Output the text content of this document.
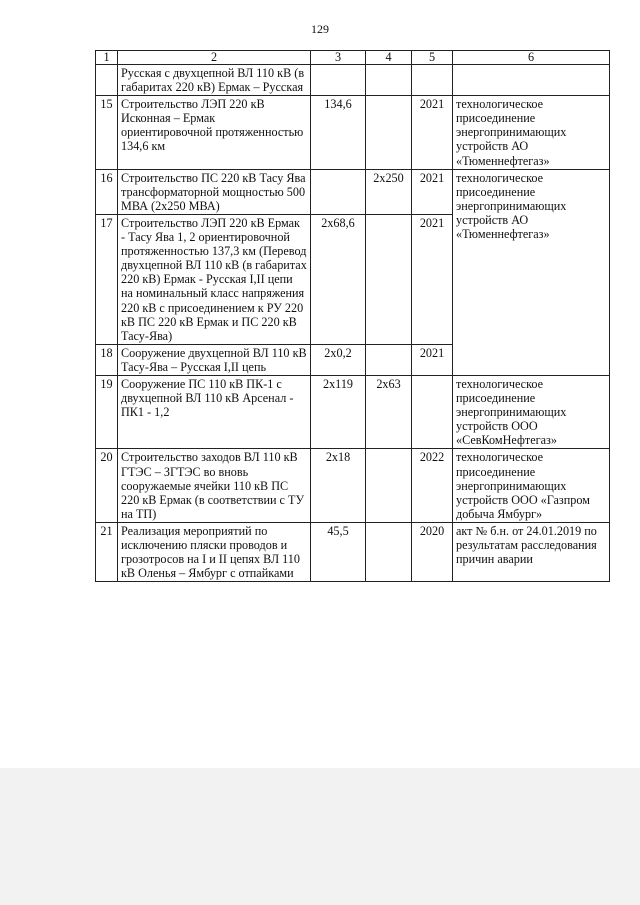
129
1	2	3	4	5	6
	Русская с двухцепной ВЛ 110 кВ (в габаритах 220 кВ) Ермак – Русская				
15	Строительство ЛЭП 220 кВ Исконная – Ермак ориентировочной протяженностью 134,6 км	134,6		2021	технологическое присоединение энергопринимающих устройств АО «Тюменнефтегаз»
16	Строительство ПС 220 кВ Тасу Ява трансформаторной мощностью 500 МВА (2х250 МВА)		2х250	2021	технологическое присоединение энергопринимающих устройств АО «Тюменнефтегаз»
17	Строительство ЛЭП 220 кВ Ермак - Тасу Ява 1, 2 ориентировочной протяженностью 137,3 км (Перевод двухцепной ВЛ 110 кВ (в габаритах 220 кВ) Ермак - Русская I,II цепи на номинальный класс напряжения 220 кВ с присоединением к РУ 220 кВ ПС 220 кВ Ермак и ПС 220 кВ Тасу-Ява)	2х68,6		2021	
18	Сооружение двухцепной ВЛ 110 кВ Тасу-Ява – Русская I,II цепь	2х0,2		2021	
19	Сооружение ПС 110 кВ ПК-1 с двухцепной ВЛ 110 кВ Арсенал - ПК1 - 1,2	2х119	2х63		технологическое присоединение энергопринимающих устройств ООО «СевКомНефтегаз»
20	Строительство заходов ВЛ 110 кВ ГТЭС – ЗГТЭС во вновь сооружаемые ячейки 110 кВ ПС 220 кВ Ермак (в соответствии с ТУ на ТП)	2х18		2022	технологическое присоединение энергопринимающих устройств ООО «Газпром добыча Ямбург»
21	Реализация мероприятий по исключению пляски проводов и грозотросов на I и II цепях ВЛ 110 кВ Оленья – Ямбург с отпайками	45,5		2020	акт № б.н. от 24.01.2019 по результатам расследования причин аварии
